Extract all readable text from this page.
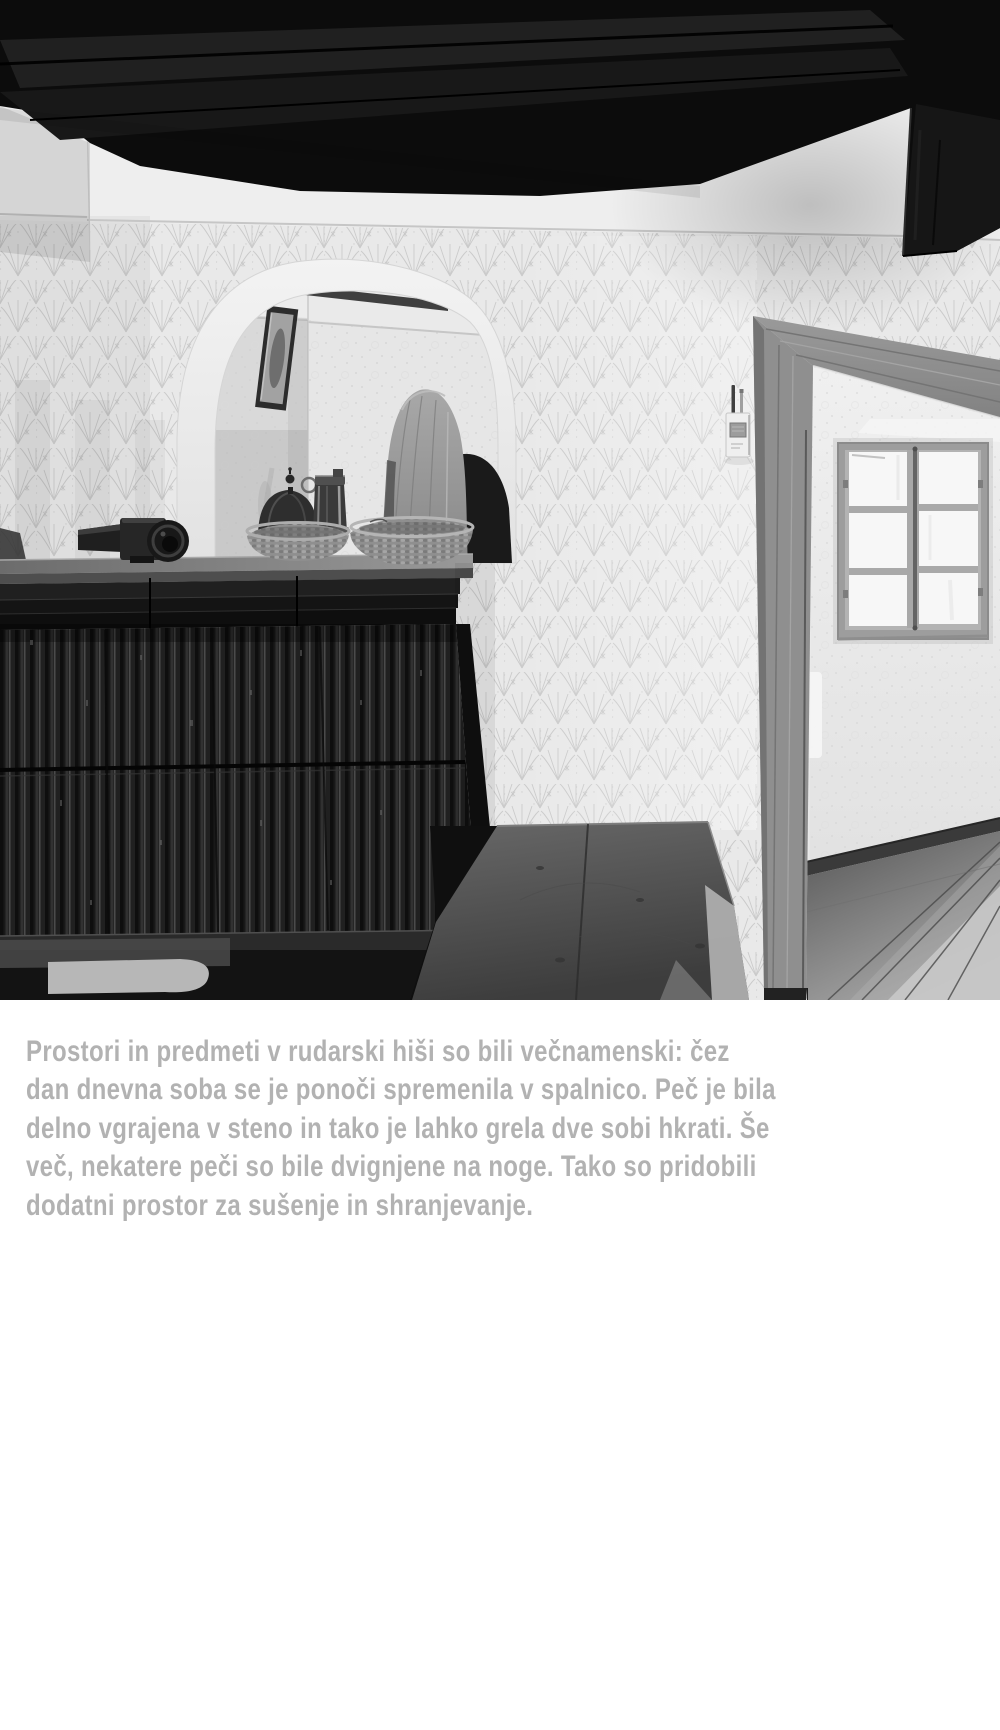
Prostori in predmeti v rudarski hiši so bili večnamenski: čez
dan dnevna soba se je ponoči spremenila v spalnico. Peč je bila
delno vgrajena v steno in tako je lahko grela dve sobi hkrati. Še
več, nekatere peči so bile dvignjene na noge. Tako so pridobili
dodatni prostor za sušenje in shranjevanje.
